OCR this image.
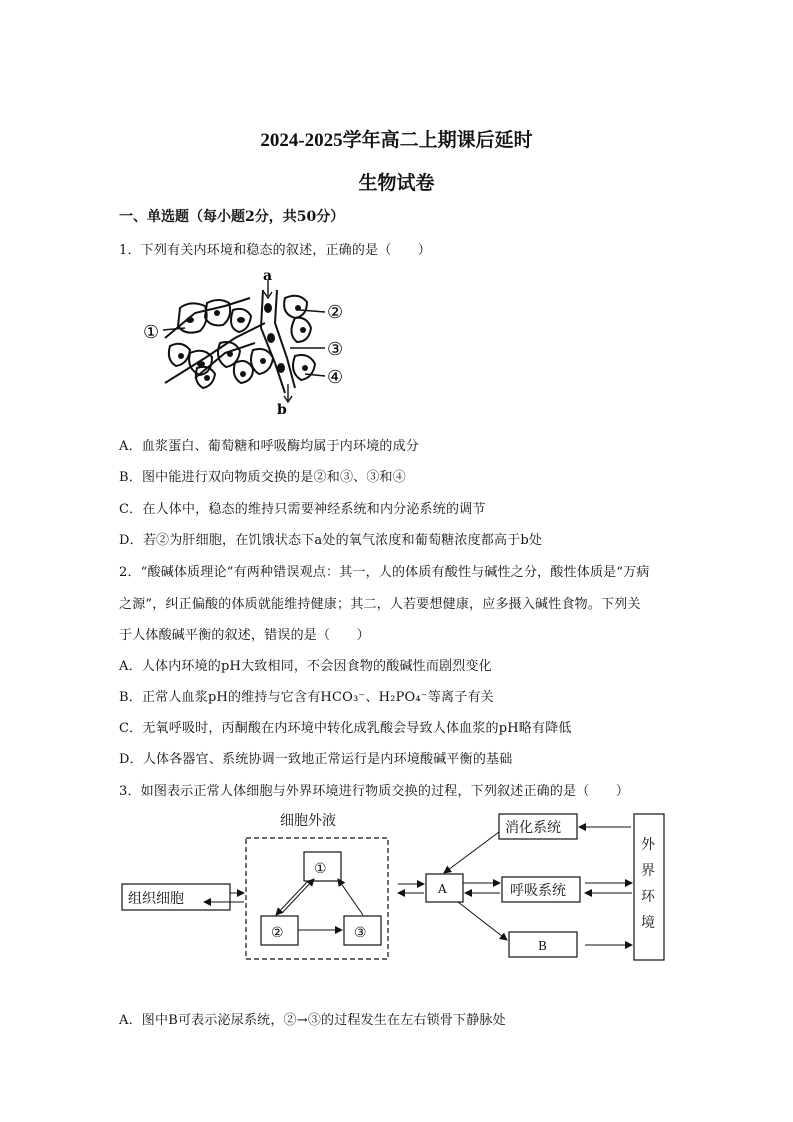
2024-2025学年高二上期课后延时
生物试卷
一、单选题（每小题2分，共50分）
1．下列有关内环境和稳态的叙述，正确的是（　　）
a
b
①
②
③
④
A．血浆蛋白、葡萄糖和呼吸酶均属于内环境的成分
B．图中能进行双向物质交换的是②和③、③和④
C．在人体中，稳态的维持只需要神经系统和内分泌系统的调节
D．若②为肝细胞，在饥饿状态下a处的氧气浓度和葡萄糖浓度都高于b处
2．“酸碱体质理论”有两种错误观点：其一，人的体质有酸性与碱性之分，酸性体质是“万病
之源”，纠正偏酸的体质就能维持健康；其二，人若要想健康，应多摄入碱性食物。下列关
于人体酸碱平衡的叙述，错误的是（　　）
A．人体内环境的pH大致相同，不会因食物的酸碱性而剧烈变化
B．正常人血浆pH的维持与它含有HCO₃⁻、H₂PO₄⁻等离子有关
C．无氧呼吸时，丙酮酸在内环境中转化成乳酸会导致人体血浆的pH略有降低
D．人体各器官、系统协调一致地正常运行是内环境酸碱平衡的基础
3．如图表示正常人体细胞与外界环境进行物质交换的过程，下列叙述正确的是（　　）
细胞外液
①
②	③
组织细胞
A
B
消化系统
呼吸系统
外
界
环
境
A．图中B可表示泌尿系统，②→③的过程发生在左右锁骨下静脉处
